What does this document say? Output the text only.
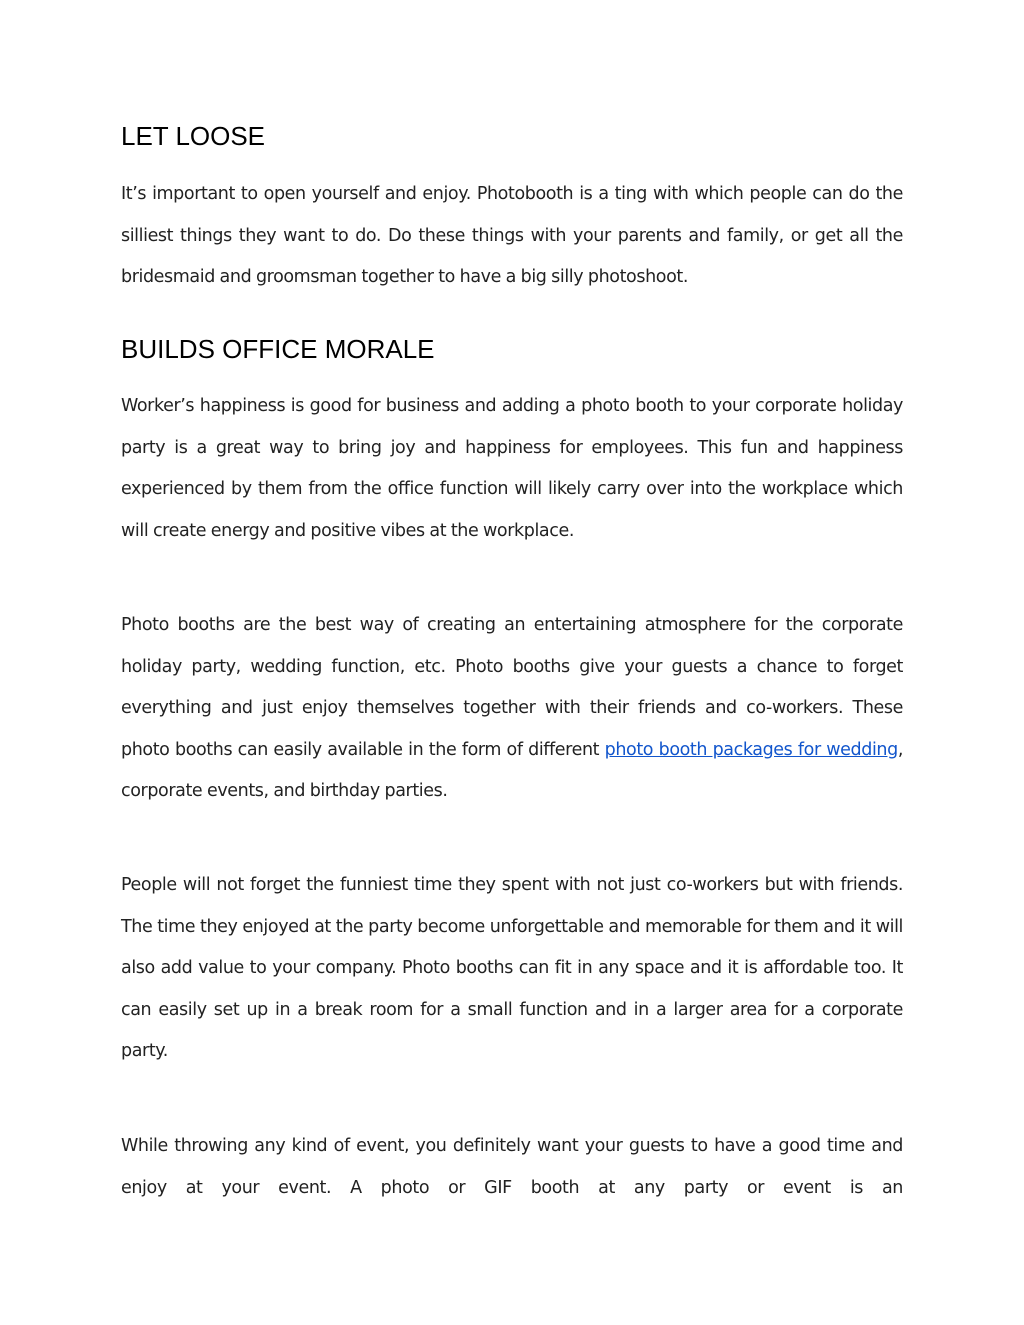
LET LOOSE

It’s important to open yourself and enjoy. Photobooth is a ting with which people can do the silliest things they want to do. Do these things with your parents and family, or get all the bridesmaid and groomsman together to have a big silly photoshoot.

BUILDS OFFICE MORALE

Worker’s happiness is good for business and adding a photo booth to your corporate holiday party is a great way to bring joy and happiness for employees. This fun and happiness experienced by them from the office function will likely carry over into the workplace which will create energy and positive vibes at the workplace.

Photo booths are the best way of creating an entertaining atmosphere for the corporate holiday party, wedding function, etc. Photo booths give your guests a chance to forget everything and just enjoy themselves together with their friends and co-workers. These photo booths can easily available in the form of different photo booth packages for wedding, corporate events, and birthday parties.

People will not forget the funniest time they spent with not just co-workers but with friends. The time they enjoyed at the party become unforgettable and memorable for them and it will also add value to your company. Photo booths can fit in any space and it is affordable too. It can easily set up in a break room for a small function and in a larger area for a corporate party.

While throwing any kind of event, you definitely want your guests to have a good time and enjoy at your event. A photo or GIF booth at any party or event is an
